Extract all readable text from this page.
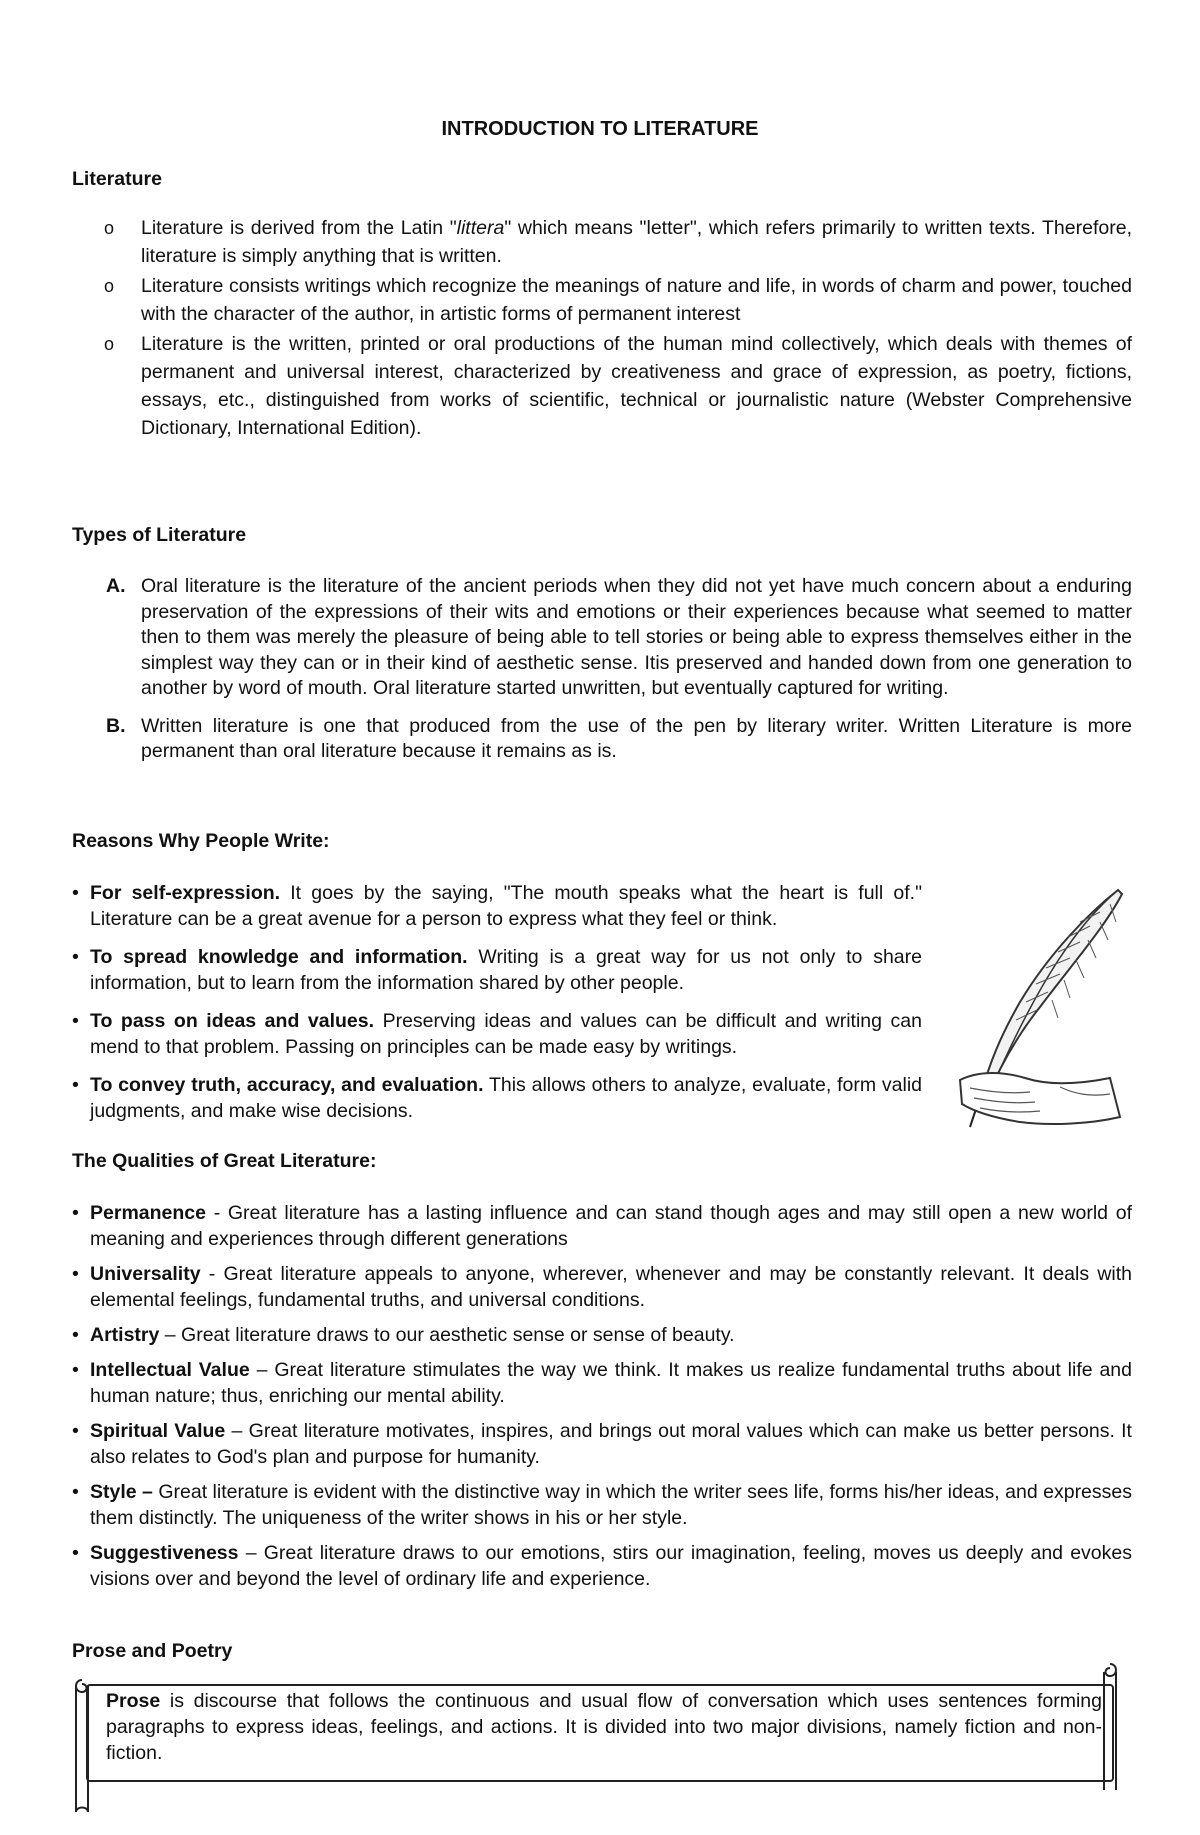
INTRODUCTION TO LITERATURE
Literature
o Literature is derived from the Latin "littera" which means "letter", which refers primarily to written texts. Therefore, literature is simply anything that is written.
o Literature consists writings which recognize the meanings of nature and life, in words of charm and power, touched with the character of the author, in artistic forms of permanent interest
o Literature is the written, printed or oral productions of the human mind collectively, which deals with themes of permanent and universal interest, characterized by creativeness and grace of expression, as poetry, fictions, essays, etc., distinguished from works of scientific, technical or journalistic nature (Webster Comprehensive Dictionary, International Edition).
Types of Literature
A. Oral literature is the literature of the ancient periods when they did not yet have much concern about a enduring preservation of the expressions of their wits and emotions or their experiences because what seemed to matter then to them was merely the pleasure of being able to tell stories or being able to express themselves either in the simplest way they can or in their kind of aesthetic sense. Itis preserved and handed down from one generation to another by word of mouth. Oral literature started unwritten, but eventually captured for writing.
B. Written literature is one that produced from the use of the pen by literary writer. Written Literature is more permanent than oral literature because it remains as is.
Reasons Why People Write:
• For self-expression. It goes by the saying, "The mouth speaks what the heart is full of." Literature can be a great avenue for a person to express what they feel or think.
• To spread knowledge and information. Writing is a great way for us not only to share information, but to learn from the information shared by other people.
• To pass on ideas and values. Preserving ideas and values can be difficult and writing can mend to that problem. Passing on principles can be made easy by writings.
• To convey truth, accuracy, and evaluation. This allows others to analyze, evaluate, form valid judgments, and make wise decisions.
The Qualities of Great Literature:
• Permanence - Great literature has a lasting influence and can stand though ages and may still open a new world of meaning and experiences through different generations
• Universality - Great literature appeals to anyone, wherever, whenever and may be constantly relevant. It deals with elemental feelings, fundamental truths, and universal conditions.
• Artistry – Great literature draws to our aesthetic sense or sense of beauty.
• Intellectual Value – Great literature stimulates the way we think. It makes us realize fundamental truths about life and human nature; thus, enriching our mental ability.
• Spiritual Value – Great literature motivates, inspires, and brings out moral values which can make us better persons. It also relates to God's plan and purpose for humanity.
• Style – Great literature is evident with the distinctive way in which the writer sees life, forms his/her ideas, and expresses them distinctly. The uniqueness of the writer shows in his or her style.
• Suggestiveness – Great literature draws to our emotions, stirs our imagination, feeling, moves us deeply and evokes visions over and beyond the level of ordinary life and experience.
Prose and Poetry
Prose is discourse that follows the continuous and usual flow of conversation which uses sentences forming paragraphs to express ideas, feelings, and actions. It is divided into two major divisions, namely fiction and non-fiction.
